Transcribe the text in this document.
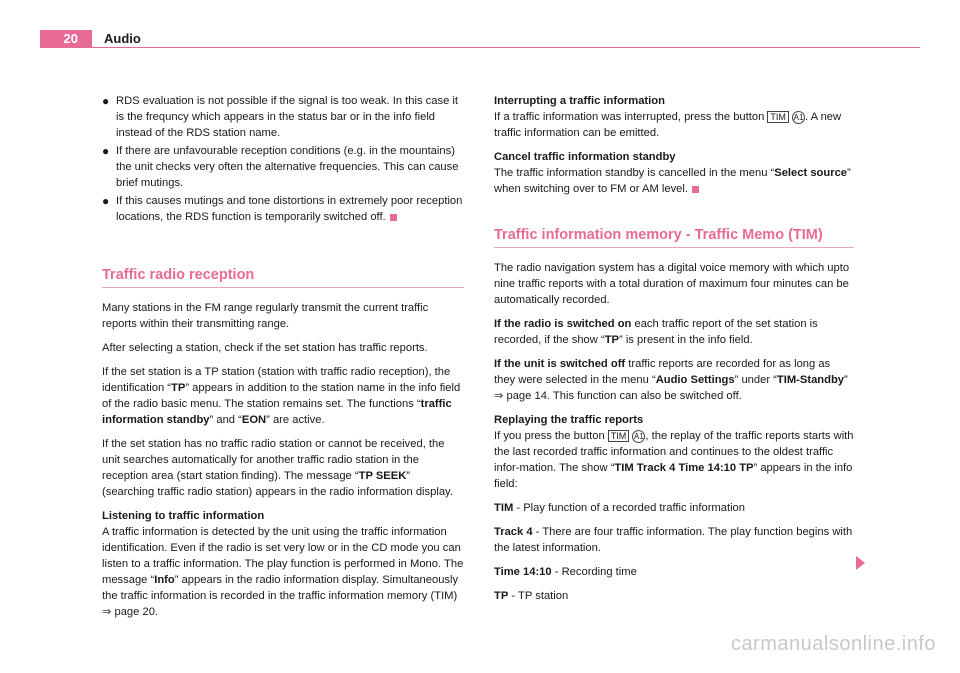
20	Audio
● RDS evaluation is not possible if the signal is too weak. In this case it is the frequncy which appears in the status bar or in the info field instead of the RDS station name.
● If there are unfavourable reception conditions (e.g. in the mountains) the unit checks very often the alternative frequencies. This can cause brief mutings.
● If this causes mutings and tone distortions in extremely poor reception locations, the RDS function is temporarily switched off.
Traffic radio reception

Many stations in the FM range regularly transmit the current traffic reports within their transmitting range.

After selecting a station, check if the set station has traffic reports.

If the set station is a TP station (station with traffic radio reception), the identification “TP” appears in addition to the station name in the info field of the radio basic menu. The station remains set. The functions “traffic information standby” and “EON” are active.

If the set station has no traffic radio station or cannot be received, the unit searches automatically for another traffic radio station in the reception area (start station finding). The message “TP SEEK” (searching traffic radio station) appears in the radio information display.

Listening to traffic information

A traffic information is detected by the unit using the traffic information identification. Even if the radio is set very low or in the CD mode you can listen to a traffic information. The play function is performed in Mono. The message “Info” appears in the radio information display. Simultaneously the traffic information is recorded in the traffic information memory (TIM)
⇒ page 20.

Interrupting a traffic information

If a traffic information was interrupted, press the button TIM A1 . A new traffic information can be emitted.

Cancel traffic information standby

The traffic information standby is cancelled in the menu “Select source” when switching over to FM or AM level.

Traffic information memory - Traffic Memo (TIM)

The radio navigation system has a digital voice memory with which upto nine traffic reports with a total duration of maximum four minutes can be automatically recorded.

If the radio is switched on each traffic report of the set station is recorded, if the show “TP” is present in the info field.

If the unit is switched off traffic reports are recorded for as long as they were selected in the menu “Audio Settings” under “TIM-Standby”
⇒ page 14. This function can also be switched off.

Replaying the traffic reports

If you press the button TIM A1 , the replay of the traffic reports starts with the last recorded traffic information and continues to the oldest traffic infor-mation. The show “TIM Track 4 Time 14:10 TP” appears in the info field:

TIM - Play function of a recorded traffic information

Track 4 - There are four traffic information. The play function begins with the latest information.

Time 14:10 - Recording time

TP - TP station

carmanualsonline.info
